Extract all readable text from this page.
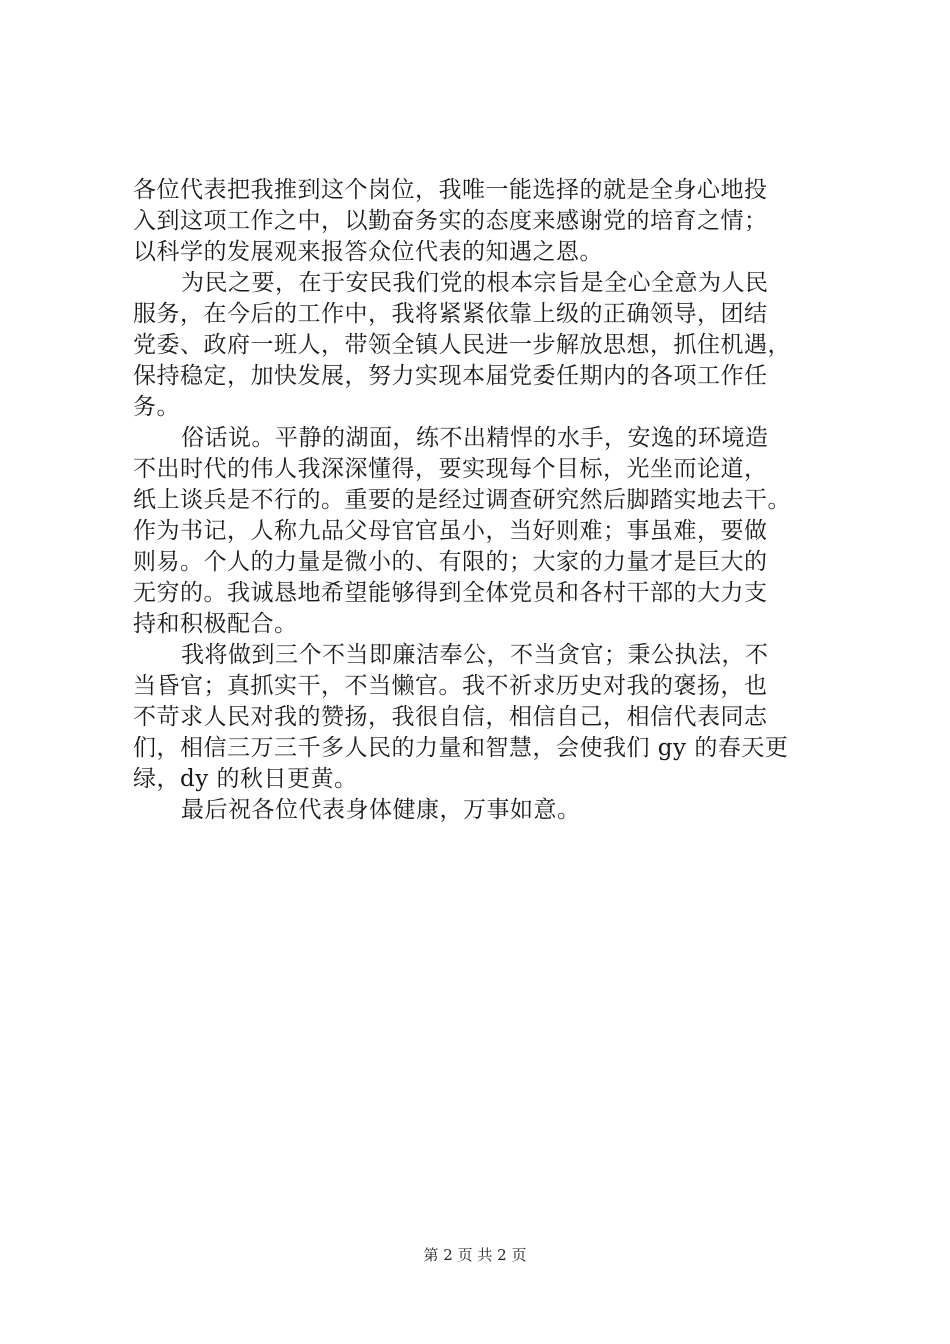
各位代表把我推到这个岗位，我唯一能选择的就是全身心地投
入到这项工作之中，以勤奋务实的态度来感谢党的培育之情；
以科学的发展观来报答众位代表的知遇之恩。
为民之要，在于安民我们党的根本宗旨是全心全意为人民
服务，在今后的工作中，我将紧紧依靠上级的正确领导，团结
党委、政府一班人，带领全镇人民进一步解放思想，抓住机遇，
保持稳定，加快发展，努力实现本届党委任期内的各项工作任
务。
俗话说。平静的湖面，练不出精悍的水手，安逸的环境造
不出时代的伟人我深深懂得，要实现每个目标，光坐而论道，
纸上谈兵是不行的。重要的是经过调查研究然后脚踏实地去干。
作为书记，人称九品父母官官虽小，当好则难；事虽难，要做
则易。个人的力量是微小的、有限的；大家的力量才是巨大的
无穷的。我诚恳地希望能够得到全体党员和各村干部的大力支
持和积极配合。
我将做到三个不当即廉洁奉公，不当贪官；秉公执法，不
当昏官；真抓实干，不当懒官。我不祈求历史对我的褒扬，也
不苛求人民对我的赞扬，我很自信，相信自己，相信代表同志
们，相信三万三千多人民的力量和智慧，会使我们 gy 的春天更
绿，dy 的秋日更黄。
最后祝各位代表身体健康，万事如意。
第 2 页 共 2 页
